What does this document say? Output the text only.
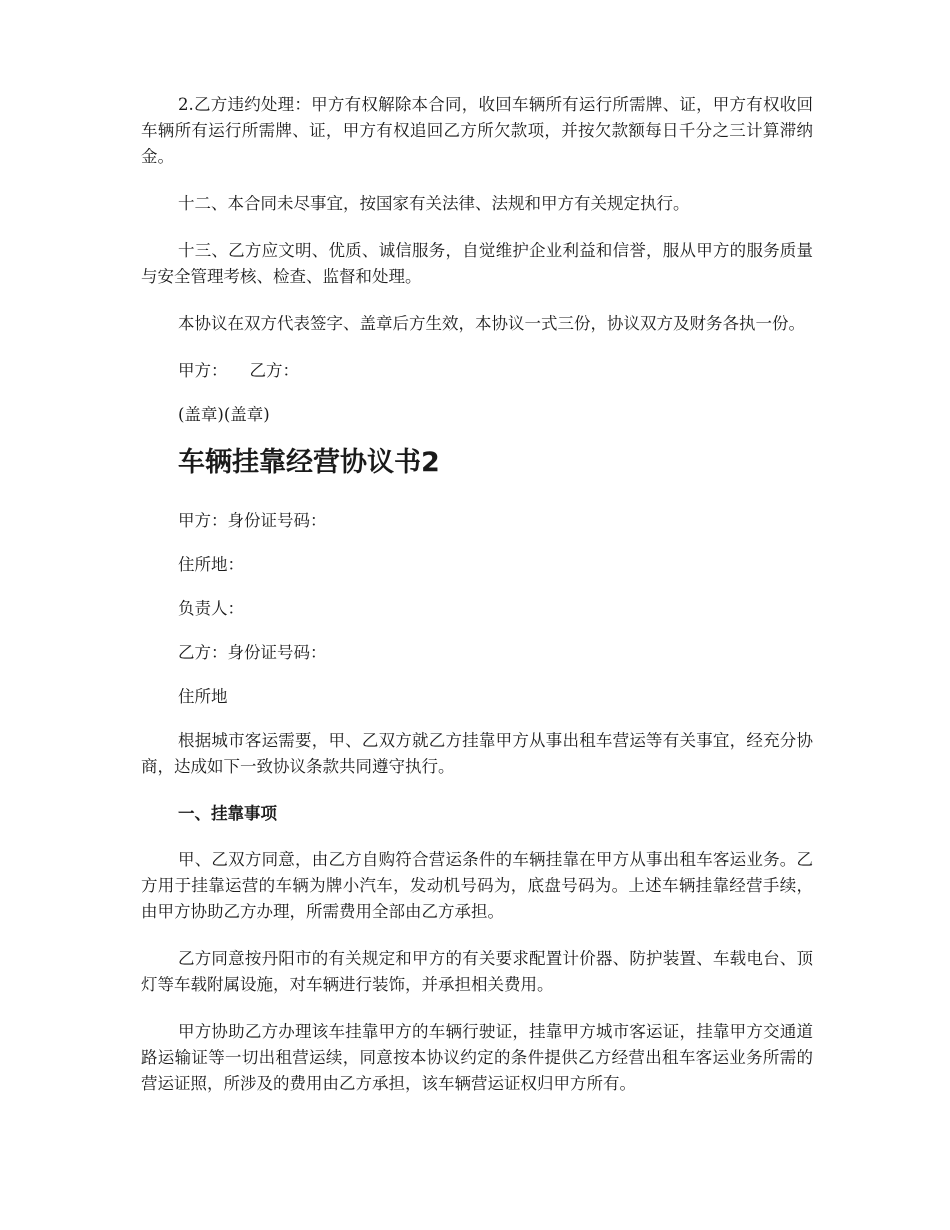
2.乙方违约处理：甲方有权解除本合同，收回车辆所有运行所需牌、证，甲方有权收回车辆所有运行所需牌、证，甲方有权追回乙方所欠款项，并按欠款额每日千分之三计算滞纳金。

十二、本合同未尽事宜，按国家有关法律、法规和甲方有关规定执行。

十三、乙方应文明、优质、诚信服务，自觉维护企业利益和信誉，服从甲方的服务质量与安全管理考核、检查、监督和处理。

本协议在双方代表签字、盖章后方生效，本协议一式三份，协议双方及财务各执一份。

甲方： 乙方：
(盖章)(盖章)
车辆挂靠经营协议书2
甲方：身份证号码：
住所地：
负责人：
乙方：身份证号码：
住所地

根据城市客运需要，甲、乙双方就乙方挂靠甲方从事出租车营运等有关事宜，经充分协商，达成如下一致协议条款共同遵守执行。

一、挂靠事项

甲、乙双方同意，由乙方自购符合营运条件的车辆挂靠在甲方从事出租车客运业务。乙方用于挂靠运营的车辆为牌小汽车，发动机号码为，底盘号码为。上述车辆挂靠经营手续，由甲方协助乙方办理，所需费用全部由乙方承担。

乙方同意按丹阳市的有关规定和甲方的有关要求配置计价器、防护装置、车载电台、顶灯等车载附属设施，对车辆进行装饰，并承担相关费用。

甲方协助乙方办理该车挂靠甲方的车辆行驶证，挂靠甲方城市客运证，挂靠甲方交通道路运输证等一切出租营运续，同意按本协议约定的条件提供乙方经营出租车客运业务所需的营运证照，所涉及的费用由乙方承担，该车辆营运证权归甲方所有。
